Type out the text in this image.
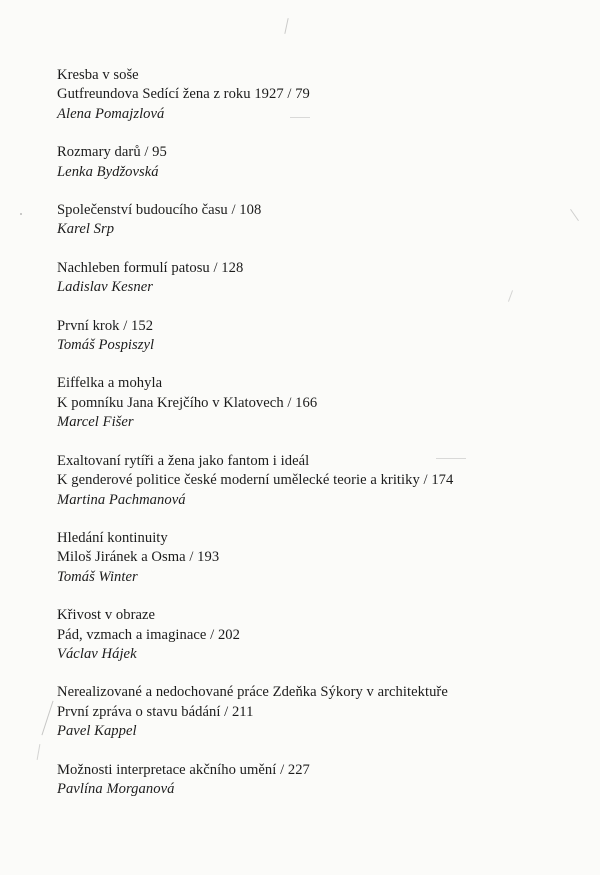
Kresba v soše
Gutfreundova Sedící žena z roku 1927 / 79
Alena Pomajzlová
Rozmary darů / 95
Lenka Bydžovská
Společenství budoucího času / 108
Karel Srp
Nachleben formulí patosu / 128
Ladislav Kesner
První krok / 152
Tomáš Pospiszyl
Eiffelka a mohyla
K pomníku Jana Krejčího v Klatovech / 166
Marcel Fišer
Exaltovaní rytíři a žena jako fantom i ideál
K genderové politice české moderní umělecké teorie a kritiky / 174
Martina Pachmanová
Hledání kontinuity
Miloš Jiránek a Osma / 193
Tomáš Winter
Křivost v obraze
Pád, vzmach a imaginace / 202
Václav Hájek
Nerealizované a nedochované práce Zdeňka Sýkory v architektuře
První zpráva o stavu bádání / 211
Pavel Kappel
Možnosti interpretace akčního umění / 227
Pavlína Morganová
